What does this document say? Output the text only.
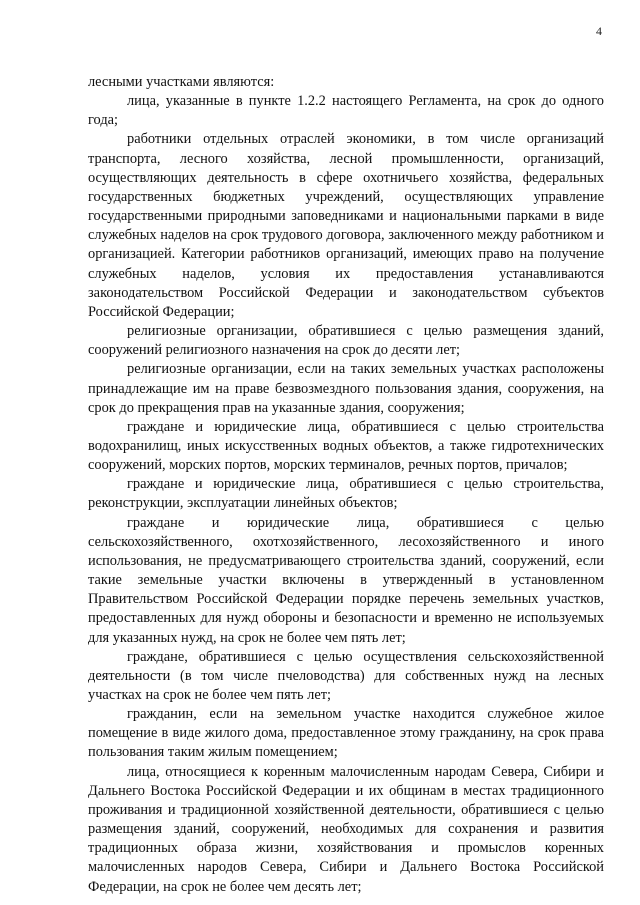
4

лесными участками являются:

лица, указанные в пункте 1.2.2 настоящего Регламента, на срок до одного года;

работники отдельных отраслей экономики, в том числе организаций транспорта, лесного хозяйства, лесной промышленности, организаций, осуществляющих деятельность в сфере охотничьего хозяйства, федеральных государственных бюджетных учреждений, осуществляющих управление государственными природными заповедниками и национальными парками в виде служебных наделов на срок трудового договора, заключенного между работником и организацией. Категории работников организаций, имеющих право на получение служебных наделов, условия их предоставления устанавливаются законодательством Российской Федерации и законодательством субъектов Российской Федерации;

религиозные организации, обратившиеся с целью размещения зданий, сооружений религиозного назначения на срок до десяти лет;

религиозные организации, если на таких земельных участках расположены принадлежащие им на праве безвозмездного пользования здания, сооружения, на срок до прекращения прав на указанные здания, сооружения;

граждане и юридические лица, обратившиеся с целью строительства водохранилищ, иных искусственных водных объектов, а также гидротехнических сооружений, морских портов, морских терминалов, речных портов, причалов;

граждане и юридические лица, обратившиеся с целью строительства, реконструкции, эксплуатации линейных объектов;

граждане и юридические лица, обратившиеся с целью сельскохозяйственного, охотхозяйственного, лесохозяйственного и иного использования, не предусматривающего строительства зданий, сооружений, если такие земельные участки включены в утвержденный в установленном Правительством Российской Федерации порядке перечень земельных участков, предоставленных для нужд обороны и безопасности и временно не используемых для указанных нужд, на срок не более чем пять лет;

граждане, обратившиеся с целью осуществления сельскохозяйственной деятельности (в том числе пчеловодства) для собственных нужд на лесных участках на срок не более чем пять лет;

гражданин, если на земельном участке находится служебное жилое помещение в виде жилого дома, предоставленное этому гражданину, на срок права пользования таким жилым помещением;

лица, относящиеся к коренным малочисленным народам Севера, Сибири и Дальнего Востока Российской Федерации и их общинам в местах традиционного проживания и традиционной хозяйственной деятельности, обратившиеся с целью размещения зданий, сооружений, необходимых для сохранения и развития традиционных образа жизни, хозяйствования и промыслов коренных малочисленных народов Севера, Сибири и Дальнего Востока Российской Федерации, на срок не более чем десять лет;
